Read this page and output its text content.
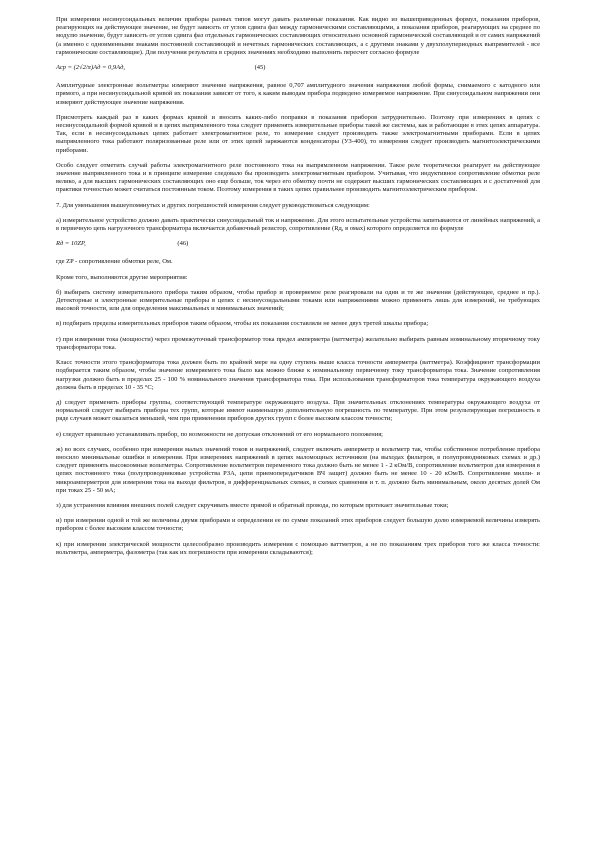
При измерении несинусоидальных величин приборы разных типов могут давать различные показания. Как видно из вышеприведенных формул, показания приборов, реагирующих на действующее значение, не будут зависеть от углов сдвига фаз между гармоническими составляющими, а показания приборов, реагирующих на среднее по модулю значение, будут зависеть от углов сдвига фаз отдельных гармонических составляющих относительно основной гармонической составляющей и от самих напряжений (а именно с одноименными знаками постоянной составляющей и нечетных гармонических составляющих, а с другими знаками у двухполупериодных выпрямителей - все гармонические составляющие). Для получения результата в средних значениях необходимо выполнить пересчет согласно формуле

Аср = (2√2/π)Ад = 0,9Ад,	(45)

Амплитудные электронные вольтметры измеряют значение напряжения, равное 0,707 амплитудного значения напряжения любой формы, снимаемого с катодного или прямого, а при несинусоидальной кривой их показания зависят от того, к каким выводам прибора подведено измеряемое напряжение. При синусоидальном напряжении они измеряют действующее значение напряжения.

Присмотреть каждый раз в каких формах кривой и вносить каких-либо поправки в показания приборов затруднительно. Поэтому при измерениях в цепях с несинусоидальной формой кривой и в цепях выпрямленного тока следует применять измерительные приборы такой же системы, как и работающие в этих цепях аппаратура. Так, если в несинусоидальных цепях работает электромагнитное реле, то измерение следует производить также электромагнитными приборами. Если в цепях выпрямленного тока работают поляризованные реле или от этих цепей заряжаются конденсаторы (УЗ-400), то измерения следует производить магнитоэлектрическими приборами.

Особо следует отметить случай работы электромагнитного реле постоянного тока на выпрямленном напряжении. Такое реле теоретически реагирует на действующее значение выпрямленного тока и в принципе измерение следовало бы производить электромагнитным прибором. Учитывая, что индуктивное сопротивление обмотки реле велико, а для высших гармонических составляющих оно еще больше, ток через его обмотку почти не содержит высших гармонических составляющих и с достаточной для практики точностью может считаться постоянным током. Поэтому измерения в таких цепях правильнее производить магнитоэлектрическим прибором.

7. Для уменьшения вышеупомянутых и других погрешностей измерения следует руководствоваться следующим:

а) измерительное устройство должно давать практически синусоидальный ток и напряжение. Для этого испытательные устройства запитываются от линейных напряжений, а в первичную цепь нагрузочного трансформатора включается добавочный резистор, сопротивление (Rд, в омах) которого определяется по формуле

Rд = 10ZP,	(46)

где ZP - сопротивление обмотки реле, Ом.

Кроме того, выполняются другие мероприятия:

б) выбирать систему измерительного прибора таким образом, чтобы прибор и проверяемое реле реагировали на одни и те же значения (действующее, среднее и пр.). Детекторные и электронные измерительные приборы в цепях с несинусоидальными токами или напряжениями можно применять лишь для измерений, не требующих высокой точности, или для определения максимальных и минимальных значений;

в) подбирать пределы измерительных приборов таким образом, чтобы их показания составляли не менее двух третей шкалы прибора;

г) при измерении тока (мощности) через промежуточный трансформатор тока предел амперметра (ваттметра) желательно выбирать равным номинальному вторичному току трансформатора тока.

Класс точности этого трансформатора тока должен быть по крайней мере на одну ступень выше класса точности амперметра (ваттметра). Коэффициент трансформации подбирается таким образом, чтобы значение измеряемого тока было как можно ближе к номинальному первичному току трансформатора тока. Значение сопротивления нагрузки должно быть в пределах 25 - 100 % номинального значения трансформатора тока. При использовании трансформаторов тока температура окружающего воздуха должна быть в пределах 10 - 35 °С;

д) следует применять приборы группы, соответствующей температуре окружающего воздуха. При значительных отклонениях температуры окружающего воздуха от нормальной следует выбирать приборы тех групп, которые имеют наименьшую дополнительную погрешность по температуре. При этом результирующая погрешность в ряде случаев может оказаться меньшей, чем при применении приборов других групп с более высоким классом точности;

е) следует правильно устанавливать прибор, по возможности не допуская отклонений от его нормального положения;

ж) во всех случаях, особенно при измерении малых значений токов и напряжений, следует включать амперметр и вольтметр так, чтобы собственное потребление прибора вносило минимальные ошибки в измерения. При измерениях напряжений в цепях маломощных источников (на выходах фильтров, в полупроводниковых схемах и др.) следует применять высокоомные вольтметры. Сопротивление вольтметров переменного тока должно быть не менее 1 - 2 кОм/В, сопротивление вольтметров для измерения в цепях постоянного тока (полупроводниковые устройства РЗА, цепи приемопередатчиков ВЧ защит) должно быть не менее 10 - 20 кОм/В. Сопротивление милли- и микроамперметров для измерения тока на выходе фильтров, в дифференциальных схемах, в схемах сравнения и т. п. должно быть минимальным, около десятых долей Ом при токах 25 - 50 мА;

з) для устранения влияния внешних полей следует скручивать вместе прямой и обратный провода, по которым протекает значительные токи;

и) при измерении одной и той же величины двумя приборами и определении ее по сумме показаний этих приборов следует большую долю измеряемой величины измерять прибором с более высоким классом точности;

к) при измерении электрической мощности целесообразно производить измерения с помощью ваттметров, а не по показаниям трех приборов того же класса точности: вольтметра, амперметра, фазометра (так как их погрешности при измерении складываются);
